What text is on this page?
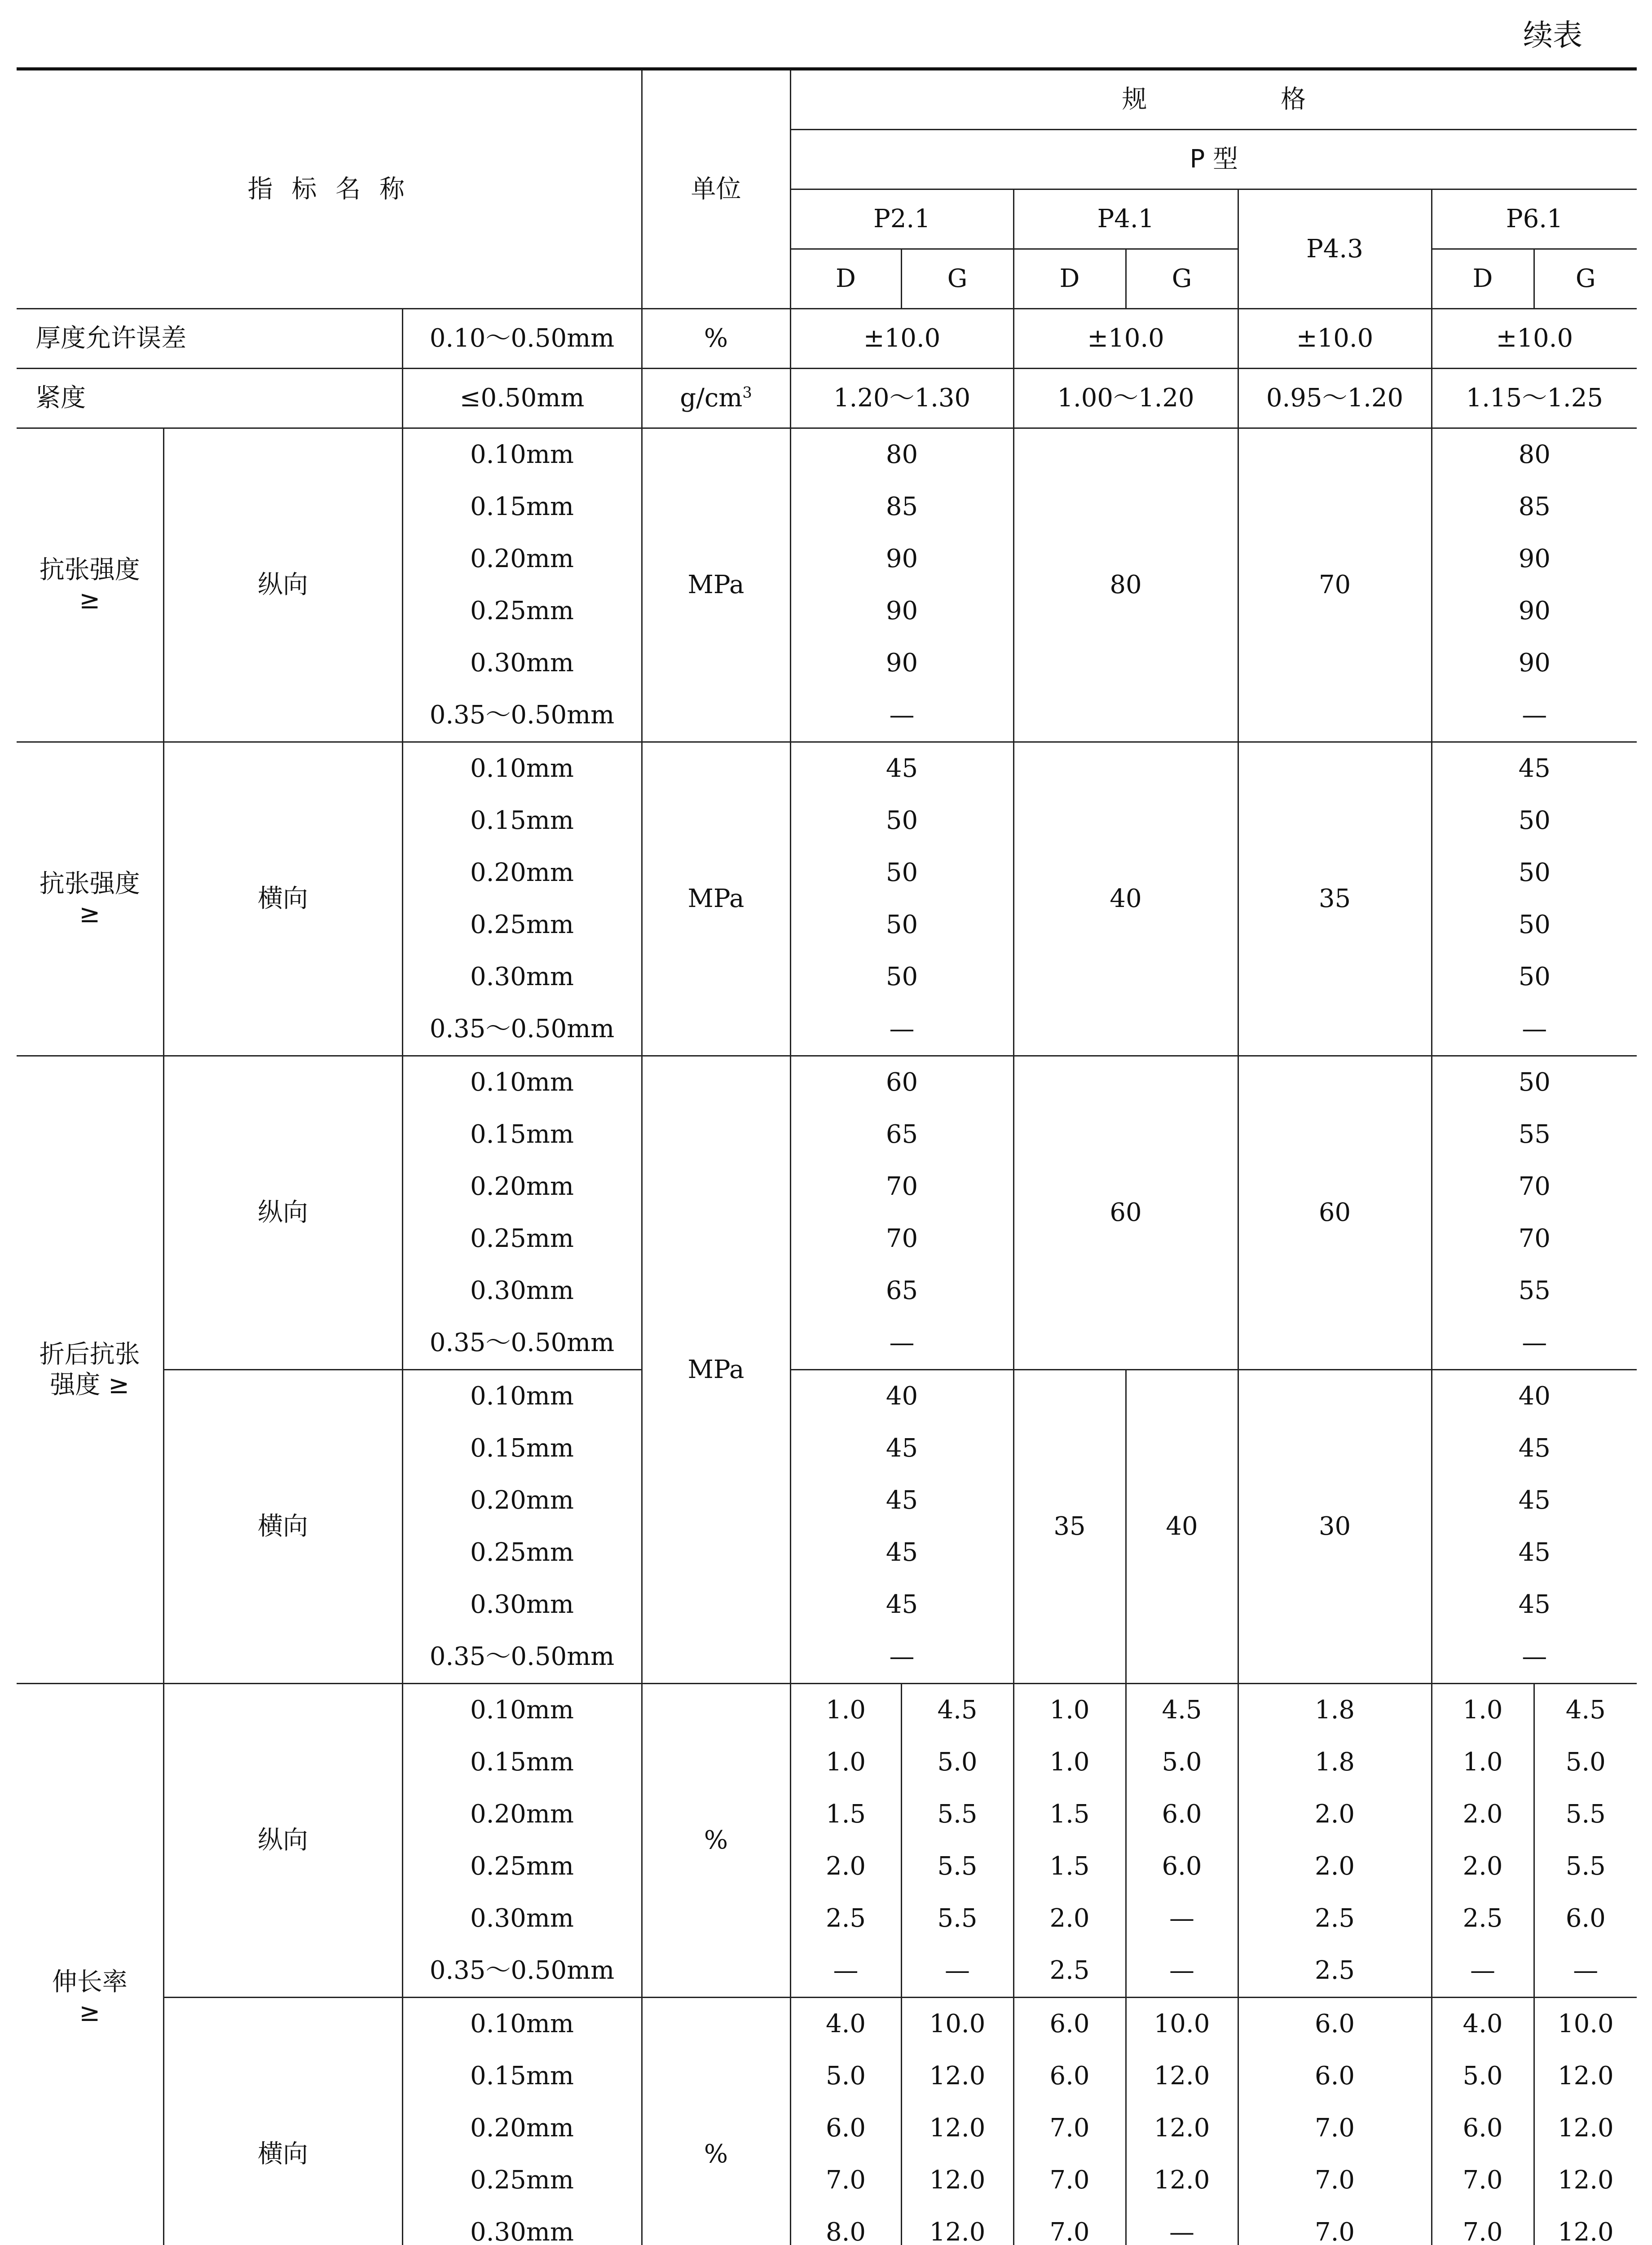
续表
指 标 名 称			单位	规 格						
				P 型						
				P2.1		P4.1		P4.3	P6.1	
				D	G	D	G		D	G
厚度允许误差		0.10～0.50mm	%	±10.0		±10.0		±10.0	±10.0	
紧度		≤0.50mm	$g/cm^3$	1.20～1.30		1.00～1.20		0.95～1.20	1.15～1.25	

抗张强度
≥	纵向	0.10mm	MPa	80		80		70	80	
		0.15mm		85					85	
		0.20mm		90					90	
		0.25mm		90					90	
		0.30mm		90					90	
		0.35～0.50mm		—					—	

抗张强度
≥	横向	0.10mm	MPa	45		40		35	45	
		0.15mm		50					50	
		0.20mm		50					50	
		0.25mm		50					50	
		0.30mm		50					50	
		0.35～0.50mm		—					—	

折后抗张
强度 ≥	纵向	0.10mm	MPa	60		60		60	50	
		0.15mm		65					55	
		0.20mm		70					70	
		0.25mm		70					70	
		0.30mm		65					55	
		0.35～0.50mm		—					—	
	横向	0.10mm		40		35	40	30	40	
		0.15mm		45					45	
		0.20mm		45					45	
		0.25mm		45					45	
		0.30mm		45					45	
		0.35～0.50mm		—					—	

伸长率
≥	纵向	0.10mm	%	1.0	4.5	1.0	4.5	1.8	1.0	4.5
		0.15mm		1.0	5.0	1.0	5.0	1.8	1.0	5.0
		0.20mm		1.5	5.5	1.5	6.0	2.0	2.0	5.5
		0.25mm		2.0	5.5	1.5	6.0	2.0	2.0	5.5
		0.30mm		2.5	5.5	2.0	—	2.5	2.5	6.0
		0.35～0.50mm		—	—	2.5	—	2.5	—	—
	横向	0.10mm	%	4.0	10.0	6.0	10.0	6.0	4.0	10.0
		0.15mm		5.0	12.0	6.0	12.0	6.0	5.0	12.0
		0.20mm		6.0	12.0	7.0	12.0	7.0	6.0	12.0
		0.25mm		7.0	12.0	7.0	12.0	7.0	7.0	12.0
		0.30mm		8.0	12.0	7.0	—	7.0	7.0	12.0
